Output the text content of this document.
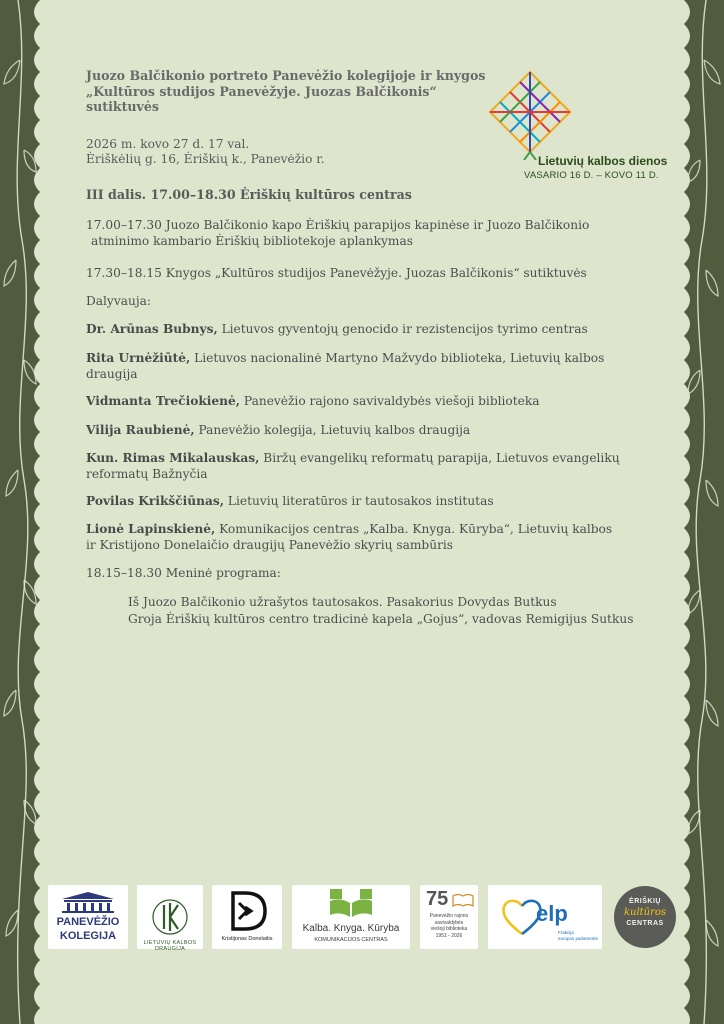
Juozo Balčikonio portreto Panevėžio kolegijoje ir knygos
„Kultūros studijos Panevėžyje. Juozas Balčikonis“
sutiktuvės
2026 m. kovo 27 d. 17 val.
Ėriškėlių g. 16, Ėriškių k., Panevėžio r.	Lietuvių kalbos dienos
VASARIO 16 D. – KOVO 11 D.
III dalis. 17.00–18.30 Ėriškių kultūros centras
17.00–17.30 Juozo Balčikonio kapo Ėriškių parapijos kapinėse ir Juozo Balčikonio
atminimo kambario Ėriškių bibliotekoje aplankymas
17.30–18.15 Knygos „Kultūros studijos Panevėžyje. Juozas Balčikonis“ sutiktuvės
Dalyvauja:
Dr. Arūnas Bubnys, Lietuvos gyventojų genocido ir rezistencijos tyrimo centras
Rita Urnėžiūtė, Lietuvos nacionalinė Martyno Mažvydo biblioteka, Lietuvių kalbos
draugija
Vidmanta Trečiokienė, Panevėžio rajono savivaldybės viešoji biblioteka
Vilija Raubienė, Panevėžio kolegija, Lietuvių kalbos draugija
Kun. Rimas Mikalauskas, Biržų evangelikų reformatų parapija, Lietuvos evangelikų
reformatų Bažnyčia
Povilas Krikščiūnas, Lietuvių literatūros ir tautosakos institutas
Lionė Lapinskienė, Komunikacijos centras „Kalba. Knyga. Kūryba“, Lietuvių kalbos
ir Kristijono Donelaičio draugijų Panevėžio skyrių sambūris
18.15–18.30 Meninė programa:
Iš Juozo Balčikonio užrašytos tautosakos. Pasakorius Dovydas Butkus
Groja Ėriškių kultūros centro tradicinė kapela „Gojus“, vadovas Remigijus Sutkus
PANEVĖŽIO
KOLEGIJA
LIETUVIŲ KALBOS DRAUGIJA
Kristijonas Donelaitis
Kalba. Knyga. Kūryba
KOMUNIKACIJOS CENTRAS
75
Panevėžio rajono
savivaldybės
viešoji biblioteka
1951 - 2026
elp
Frakcija
europos parlamente
ĖRIŠKIŲ
kultūros
CENTRAS
